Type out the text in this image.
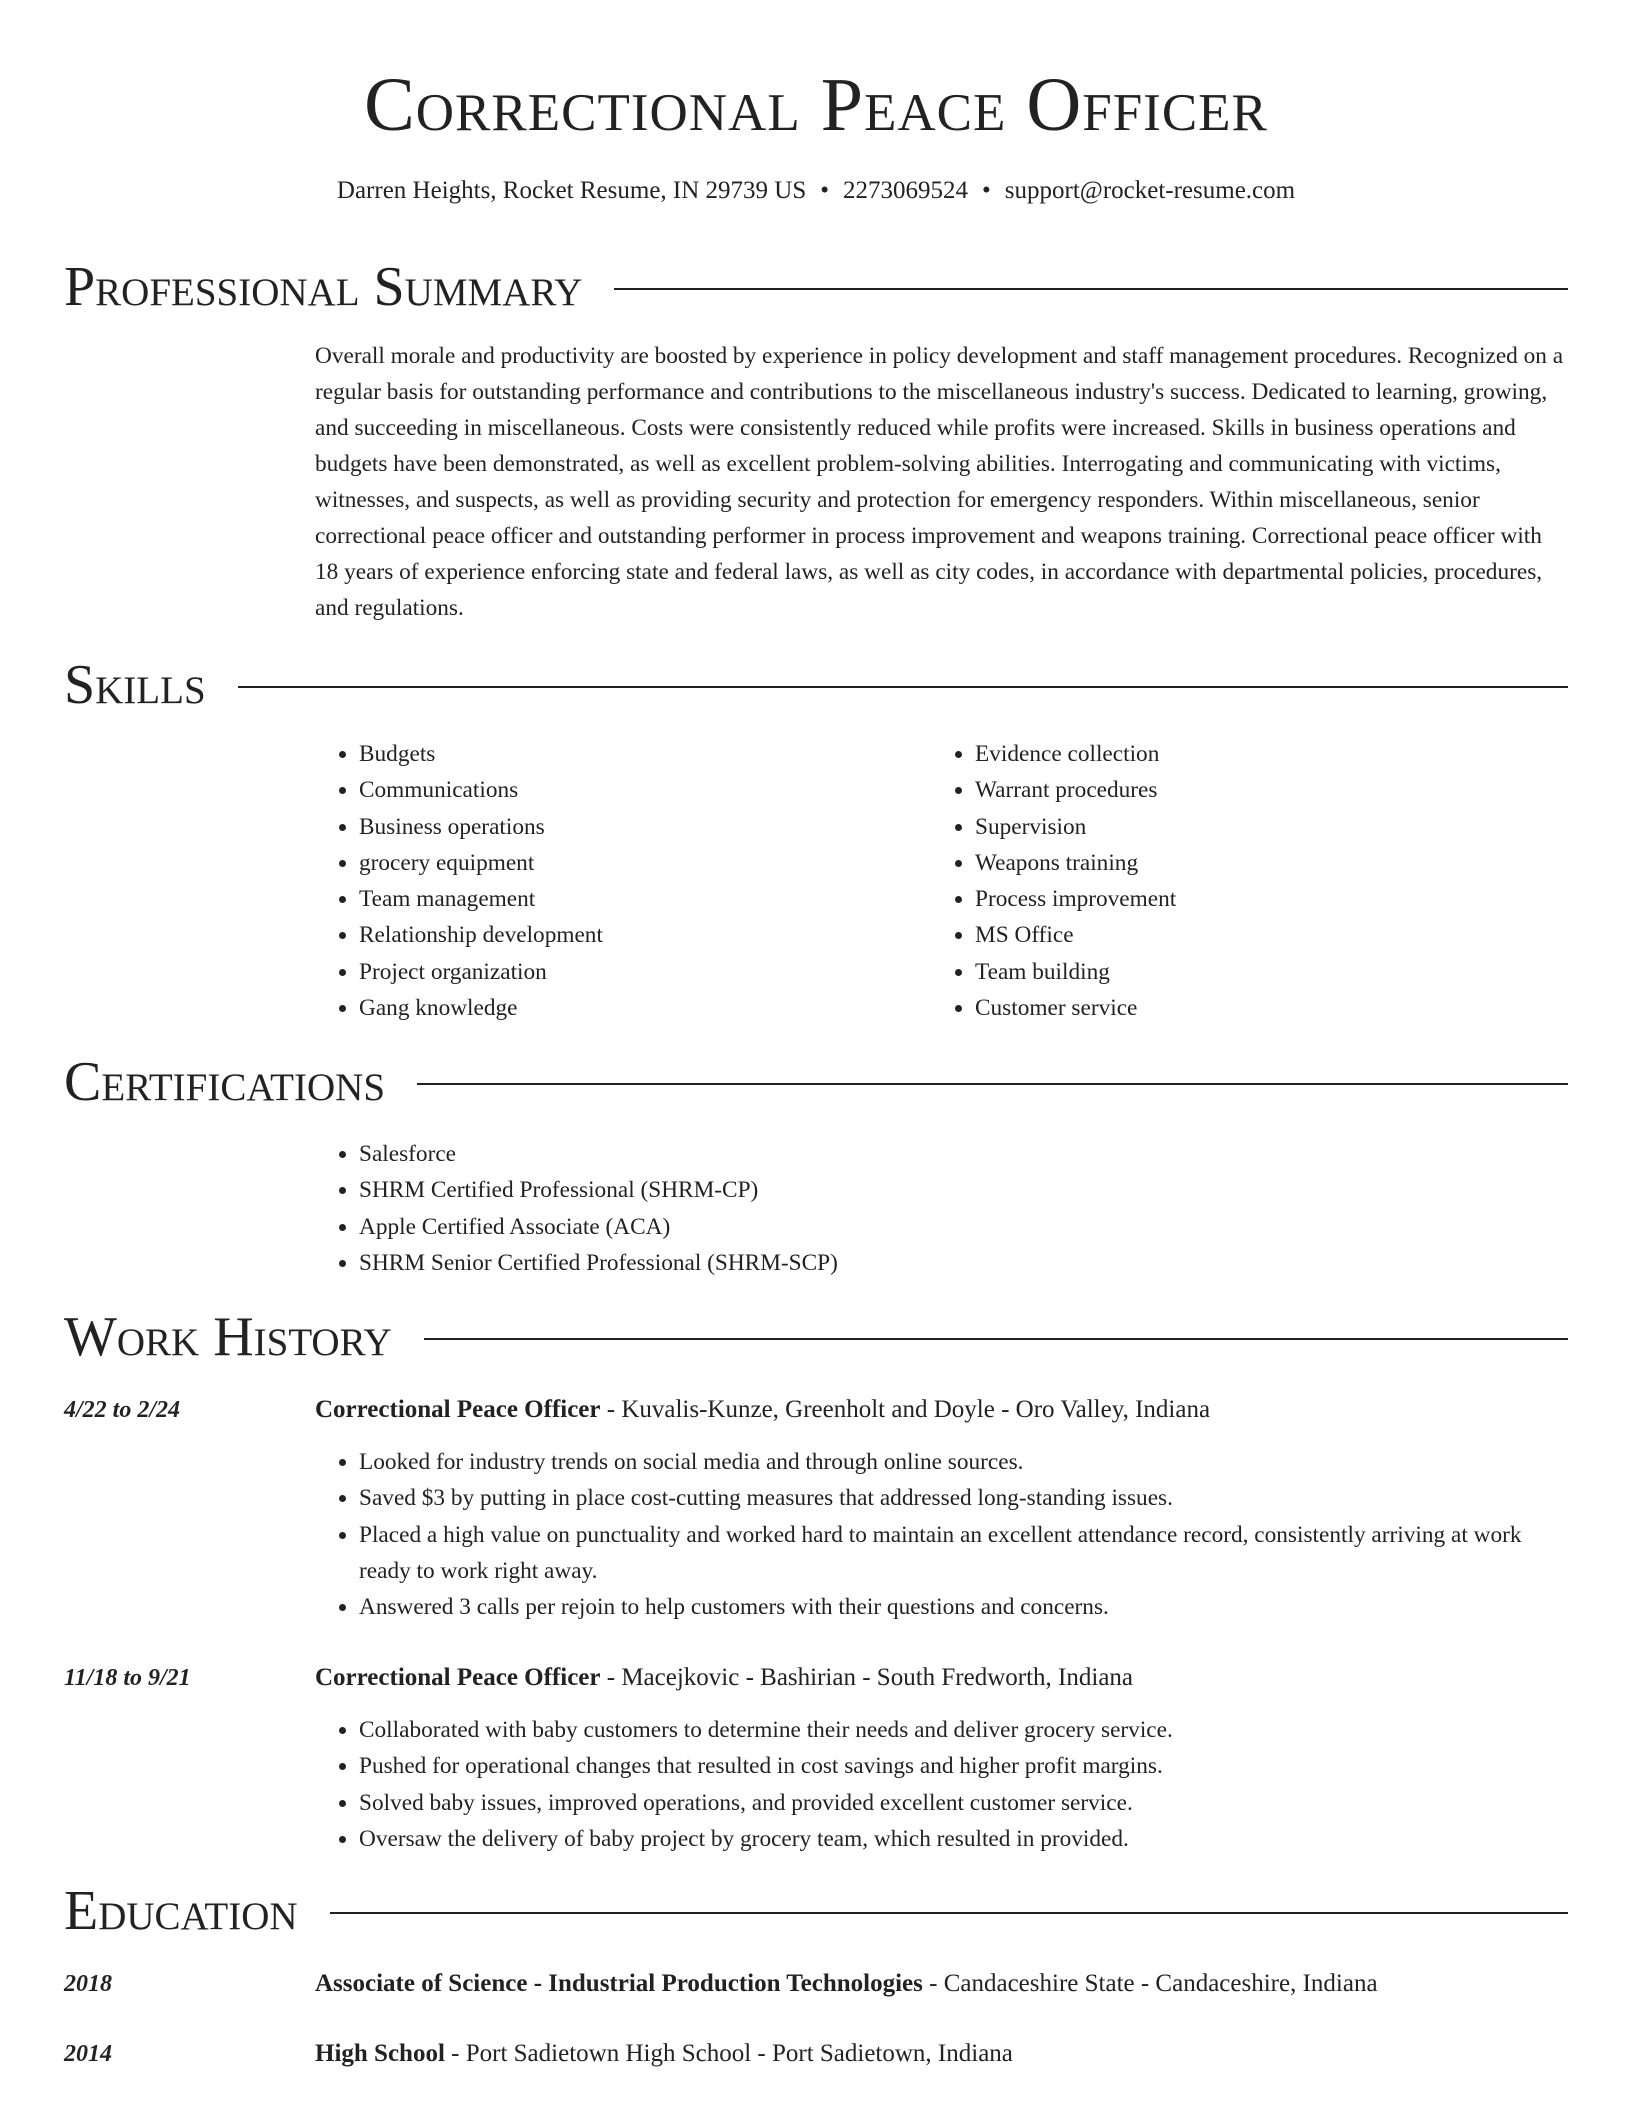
Correctional Peace Officer
Darren Heights, Rocket Resume, IN 29739 US • 2273069524 • support@rocket-resume.com
Professional Summary

Overall morale and productivity are boosted by experience in policy development and staff management procedures. Recognized on a regular basis for outstanding performance and contributions to the miscellaneous industry's success. Dedicated to learning, growing, and succeeding in miscellaneous. Costs were consistently reduced while profits were increased. Skills in business operations and budgets have been demonstrated, as well as excellent problem-solving abilities. Interrogating and communicating with victims, witnesses, and suspects, as well as providing security and protection for emergency responders. Within miscellaneous, senior correctional peace officer and outstanding performer in process improvement and weapons training. Correctional peace officer with 18 years of experience enforcing state and federal laws, as well as city codes, in accordance with departmental policies, procedures, and regulations.

Skills
• Budgets
• Communications
• Business operations
• grocery equipment
• Team management
• Relationship development
• Project organization
• Gang knowledge
• Evidence collection
• Warrant procedures
• Supervision
• Weapons training
• Process improvement
• MS Office
• Team building
• Customer service
Certifications
• Salesforce
• SHRM Certified Professional (SHRM-CP)
• Apple Certified Associate (ACA)
• SHRM Senior Certified Professional (SHRM-SCP)
Work History
4/22 to 2/24	Correctional Peace Officer - Kuvalis-Kunze, Greenholt and Doyle - Oro Valley, Indiana
• Looked for industry trends on social media and through online sources.
• Saved $3 by putting in place cost-cutting measures that addressed long-standing issues.
• Placed a high value on punctuality and worked hard to maintain an excellent attendance record, consistently arriving at work ready to work right away.
• Answered 3 calls per rejoin to help customers with their questions and concerns.
11/18 to 9/21	Correctional Peace Officer - Macejkovic - Bashirian - South Fredworth, Indiana
• Collaborated with baby customers to determine their needs and deliver grocery service.
• Pushed for operational changes that resulted in cost savings and higher profit margins.
• Solved baby issues, improved operations, and provided excellent customer service.
• Oversaw the delivery of baby project by grocery team, which resulted in provided.
Education
2018	Associate of Science - Industrial Production Technologies - Candaceshire State - Candaceshire, Indiana
2014	High School - Port Sadietown High School - Port Sadietown, Indiana
